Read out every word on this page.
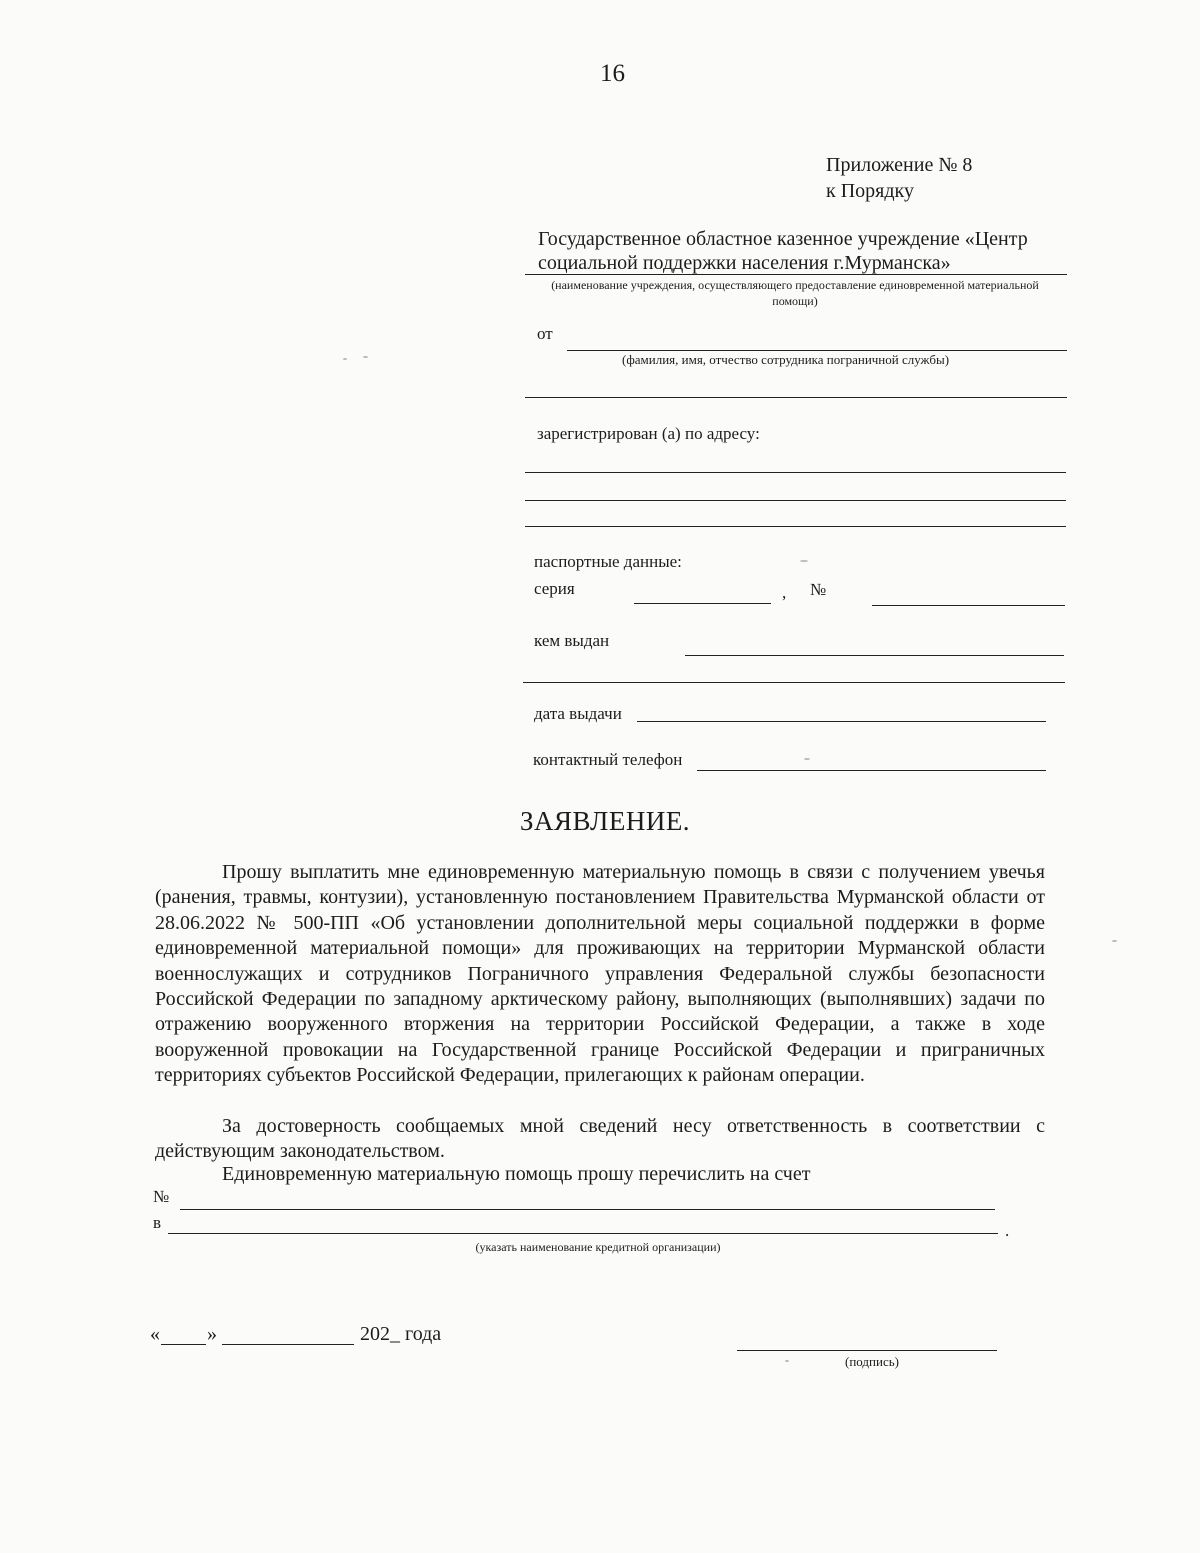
16
Приложение № 8
к Порядку
Государственное областное казенное учреждение «Центр
социальной поддержки населения г.Мурманска»
(наименование учреждения, осуществляющего предоставление единовременной материальной помощи)
от
(фамилия, имя, отчество сотрудника пограничной службы)
зарегистрирован (а) по адресу:
паспортные данные:
серия	, №
кем выдан
дата выдачи
контактный телефон
ЗАЯВЛЕНИЕ.

Прошу выплатить мне единовременную материальную помощь в связи с получением увечья (ранения, травмы, контузии), установленную постановлением Правительства Мурманской области от 28.06.2022 № 500-ПП «Об установлении дополнительной меры социальной поддержки в форме единовременной материальной помощи» для проживающих на территории Мурманской области военнослужащих и сотрудников Пограничного управления Федеральной службы безопасности Российской Федерации по западному арктическому району, выполняющих (выполнявших) задачи по отражению вооруженного вторжения на территории Российской Федерации, а также в ходе вооруженной провокации на Государственной границе Российской Федерации и приграничных территориях субъектов Российской Федерации, прилегающих к районам операции.

За достоверность сообщаемых мной сведений несу ответственность в соответствии с действующим законодательством.

Единовременную материальную помощь прошу перечислить на счет
№
в	.
(указать наименование кредитной организации)
« »	202_ года
(подпись)
